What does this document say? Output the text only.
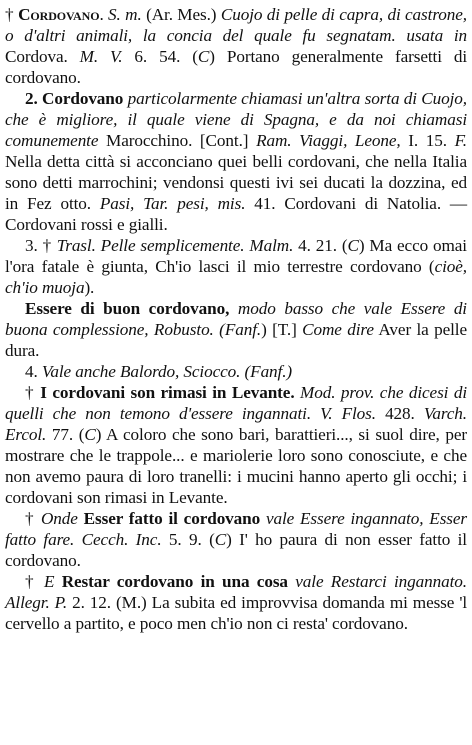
† Cordovano. S. m. (Ar. Mes.) Cuojo di pelle di capra, di castrone, o d'altri animali, la concia del quale fu segnatam. usata in Cordova. M. V. 6. 54. (C) Portano generalmente farsetti di cordovano.

2. Cordovano particolarmente chiamasi un'altra sorta di Cuojo, che è migliore, il quale viene di Spagna, e da noi chiamasi comunemente Marocchino. [Cont.] Ram. Viaggi, Leone, I. 15. F. Nella detta città si acconciano quei belli cordovani, che nella Italia sono detti marrochini; vendonsi questi ivi sei ducati la dozzina, ed in Fez otto. Pasi, Tar. pesi, mis. 41. Cordovani di Natolia. — Cordovani rossi e gialli.

3. † Trasl. Pelle semplicemente. Malm. 4. 21. (C) Ma ecco omai l'ora fatale è giunta, Ch'io lasci il mio terrestre cordovano (cioè, ch'io muoja).

Essere di buon cordovano, modo basso che vale Essere di buona complessione, Robusto. (Fanf.) [T.] Come dire Aver la pelle dura.

4. Vale anche Balordo, Sciocco. (Fanf.)

† I cordovani son rimasi in Levante. Mod. prov. che dicesi di quelli che non temono d'essere ingannati. V. Flos. 428. Varch. Ercol. 77. (C) A coloro che sono bari, barattieri..., si suol dire, per mostrare che le trappole... e mariolerie loro sono conosciute, e che non avemo paura di loro tranelli: i mucini hanno aperto gli occhi; i cordovani son rimasi in Levante.

† Onde Esser fatto il cordovano vale Essere ingannato, Esser fatto fare. Cecch. Inc. 5. 9. (C) I' ho paura di non esser fatto il cordovano.

† E Restar cordovano in una cosa vale Restarci ingannato. Allegr. P. 2. 12. (M.) La subita ed improvvisa domanda mi messe 'l cervello a partito, e poco men ch'io non ci resta' cordovano.
